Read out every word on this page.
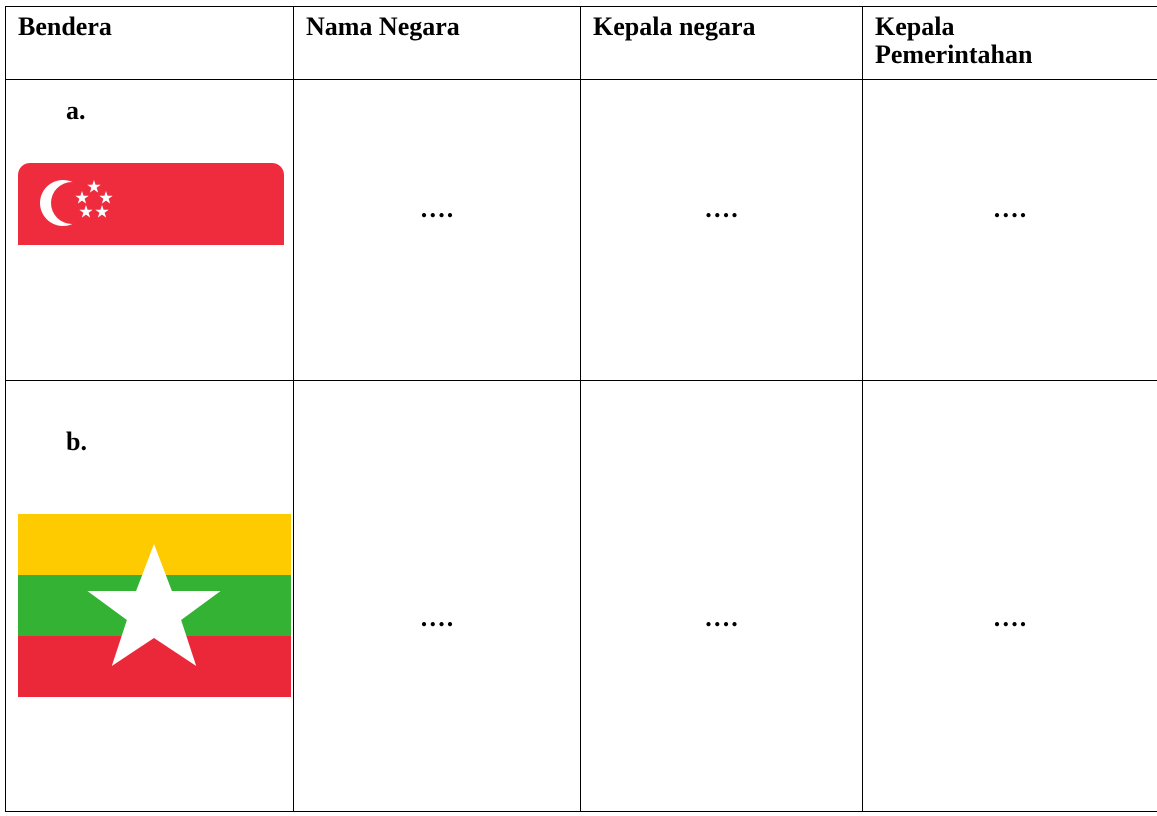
Bendera	Nama Negara	Kepala negara	Kepala
Pemerintahan

a.	….	….	….

b.	….	….	….
